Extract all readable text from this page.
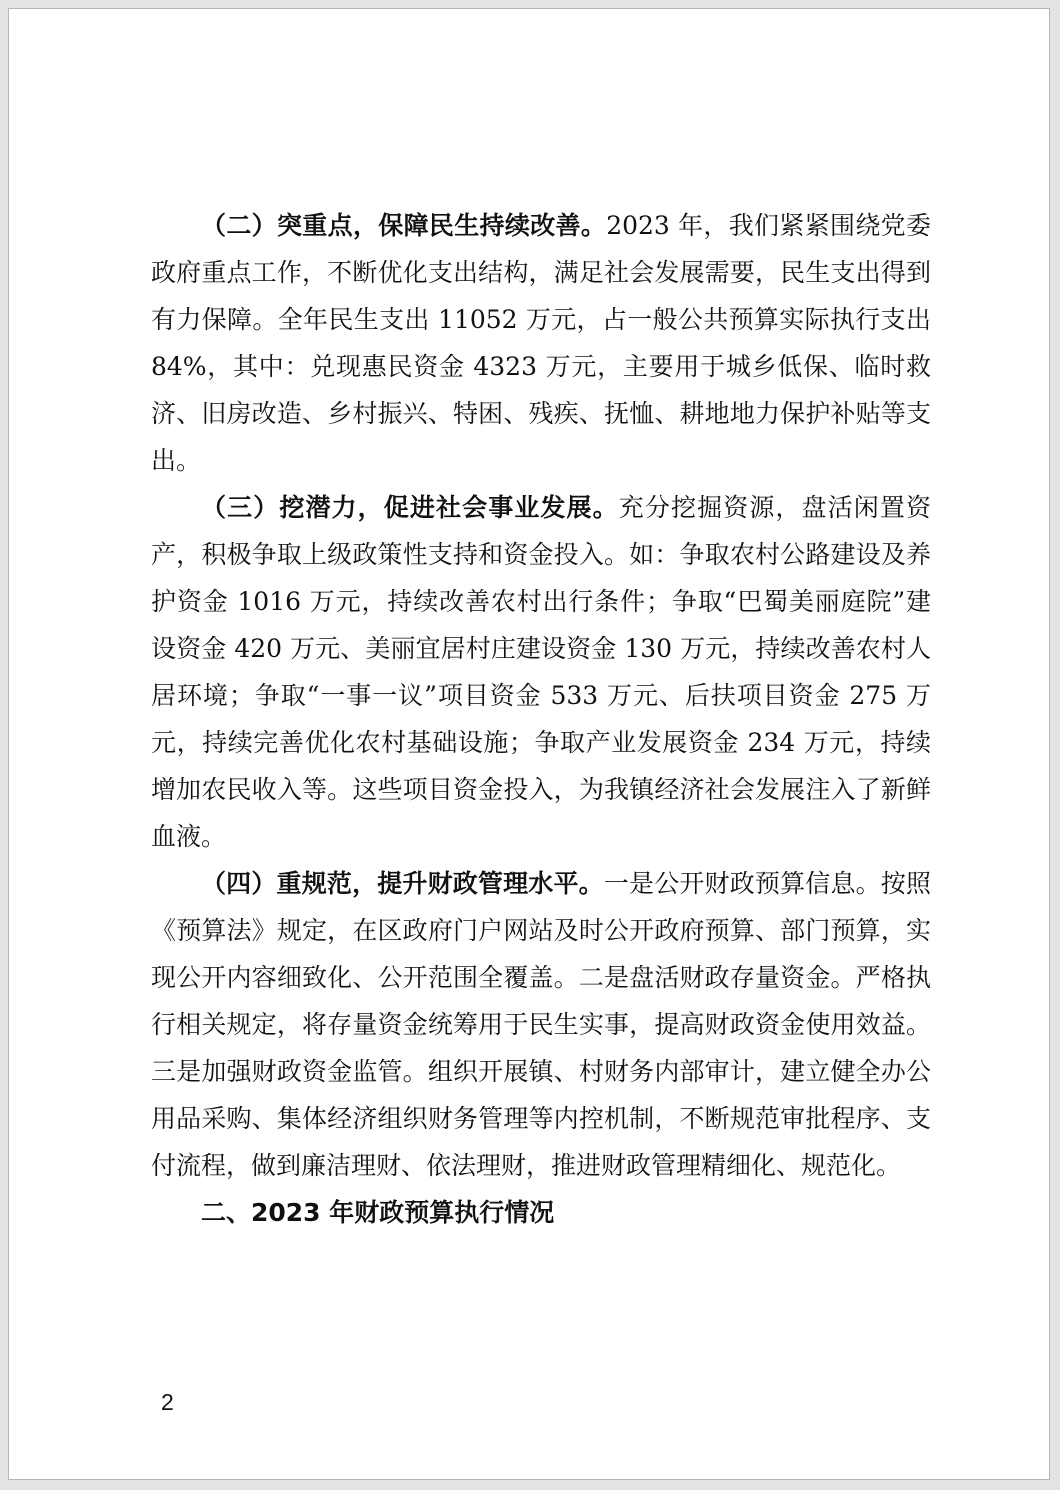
（二）突重点，保障民生持续改善。2023 年，我们紧紧围绕党委政府重点工作，不断优化支出结构，满足社会发展需要，民生支出得到有力保障。全年民生支出 11052 万元，占一般公共预算实际执行支出 84%，其中：兑现惠民资金 4323 万元，主要用于城乡低保、临时救济、旧房改造、乡村振兴、特困、残疾、抚恤、耕地地力保护补贴等支出。

（三）挖潜力，促进社会事业发展。充分挖掘资源，盘活闲置资产，积极争取上级政策性支持和资金投入。如：争取农村公路建设及养护资金 1016 万元，持续改善农村出行条件；争取“巴蜀美丽庭院”建设资金 420 万元、美丽宜居村庄建设资金 130 万元，持续改善农村人居环境；争取“一事一议”项目资金 533 万元、后扶项目资金 275 万元，持续完善优化农村基础设施；争取产业发展资金 234 万元，持续增加农民收入等。这些项目资金投入，为我镇经济社会发展注入了新鲜血液。

（四）重规范，提升财政管理水平。一是公开财政预算信息。按照《预算法》规定，在区政府门户网站及时公开政府预算、部门预算，实现公开内容细致化、公开范围全覆盖。二是盘活财政存量资金。严格执行相关规定，将存量资金统筹用于民生实事，提高财政资金使用效益。三是加强财政资金监管。组织开展镇、村财务内部审计，建立健全办公用品采购、集体经济组织财务管理等内控机制，不断规范审批程序、支付流程，做到廉洁理财、依法理财，推进财政管理精细化、规范化。

二、2023 年财政预算执行情况

2
